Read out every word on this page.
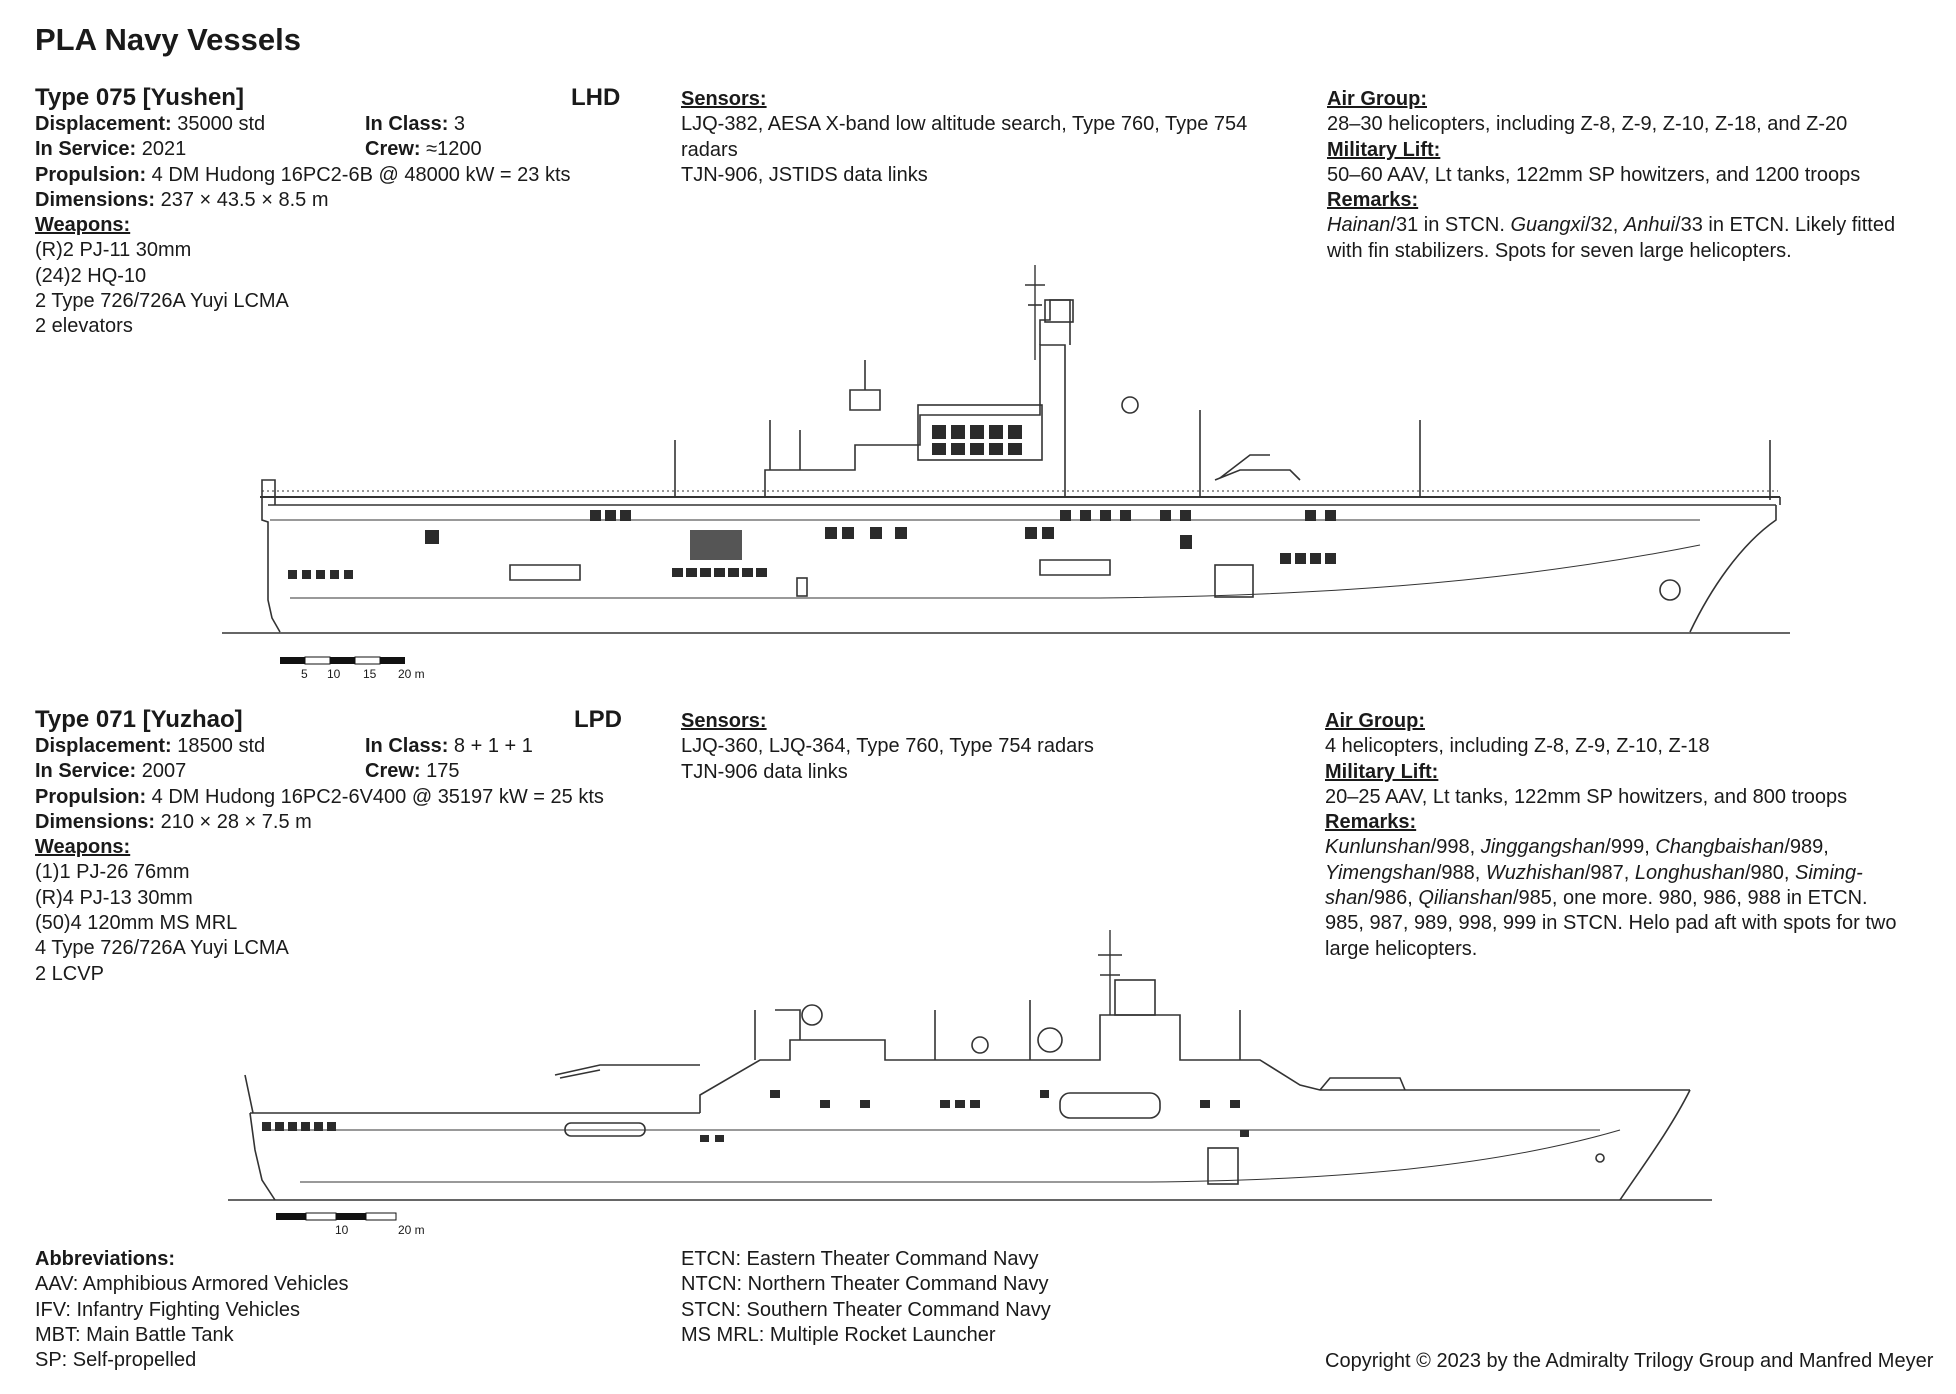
PLA Navy Vessels
Type 075 [Yushen]	LHD
Displacement: 35000 std	In Class: 3
In Service: 2021	Crew: ≈1200
Propulsion: 4 DM Hudong 16PC2-6B @ 48000 kW = 23 kts
Dimensions: 237 × 43.5 × 8.5 m
Weapons:
(R)2 PJ-11 30mm
(24)2 HQ-10
2 Type 726/726A Yuyi LCMA
2 elevators
Sensors:
LJQ-382, AESA X-band low altitude search, Type 760, Type 754
radars
TJN-906, JSTIDS data links
Air Group:
28–30 helicopters, including Z-8, Z-9, Z-10, Z-18, and Z-20
Military Lift:
50–60 AAV, Lt tanks, 122mm SP howitzers, and 1200 troops
Remarks:
Hainan/31 in STCN. Guangxi/32, Anhui/33 in ETCN. Likely fitted
with fin stabilizers. Spots for seven large helicopters.
5 10 15 20 m
Type 071 [Yuzhao]	LPD
Displacement: 18500 std	In Class: 8 + 1 + 1
In Service: 2007	Crew: 175
Propulsion: 4 DM Hudong 16PC2-6V400 @ 35197 kW = 25 kts
Dimensions: 210 × 28 × 7.5 m
Weapons:
(1)1 PJ-26 76mm
(R)4 PJ-13 30mm
(50)4 120mm MS MRL
4 Type 726/726A Yuyi LCMA
2 LCVP
Sensors:
LJQ-360, LJQ-364, Type 760, Type 754 radars
TJN-906 data links
Air Group:
4 helicopters, including Z-8, Z-9, Z-10, Z-18
Military Lift:
20–25 AAV, Lt tanks, 122mm SP howitzers, and 800 troops
Remarks:
Kunlunshan/998, Jinggangshan/999, Changbaishan/989,
Yimengshan/988, Wuzhishan/987, Longhushan/980, Siming-
shan/986, Qilianshan/985, one more. 980, 986, 988 in ETCN.
985, 987, 989, 998, 999 in STCN. Helo pad aft with spots for two
large helicopters.
10	20 m
Abbreviations:
AAV: Amphibious Armored Vehicles
IFV: Infantry Fighting Vehicles
MBT: Main Battle Tank
SP: Self-propelled
ETCN: Eastern Theater Command Navy
NTCN: Northern Theater Command Navy
STCN: Southern Theater Command Navy
MS MRL: Multiple Rocket Launcher
Copyright © 2023 by the Admiralty Trilogy Group and Manfred Meyer
